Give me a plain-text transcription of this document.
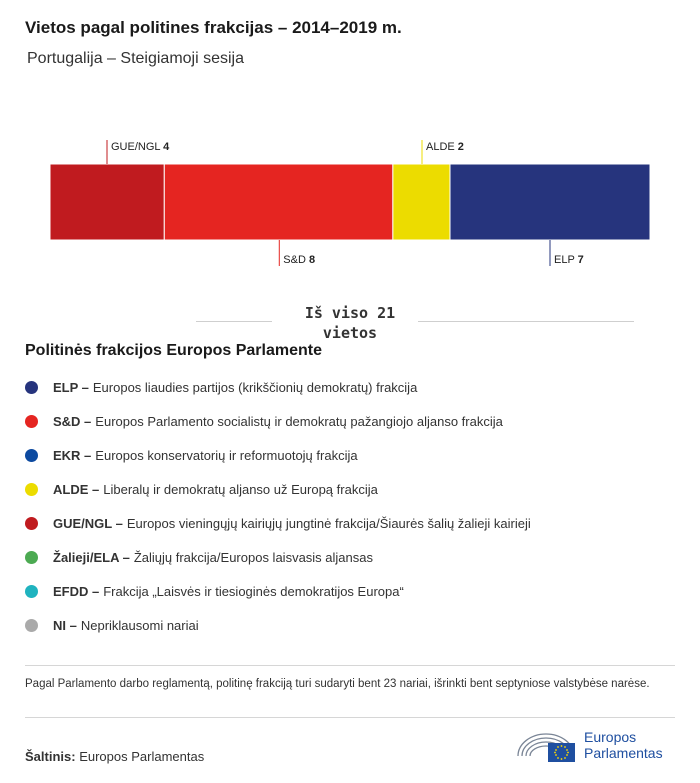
Vietos pagal politines frakcijas – 2014–2019 m.
Portugalija – Steigiamoji sesija
GUE/NGL 4
S&D 8
ALDE 2
ELP 7
Iš viso 21
vietos
Politinės frakcijos Europos Parlamente
ELP – Europos liaudies partijos (krikščionių demokratų) frakcija
S&D – Europos Parlamento socialistų ir demokratų pažangiojo aljanso frakcija
EKR – Europos konservatorių ir reformuotojų frakcija
ALDE – Liberalų ir demokratų aljanso už Europą frakcija
GUE/NGL – Europos vieningųjų kairiųjų jungtinė frakcija/Šiaurės šalių žalieji kairieji
Žalieji/ELA – Žaliųjų frakcija/Europos laisvasis aljansas
EFDD – Frakcija „Laisvės ir tiesioginės demokratijos Europa“
NI – Nepriklausomi nariai
Pagal Parlamento darbo reglamentą, politinę frakciją turi sudaryti bent 23 nariai, išrinkti bent septyniose valstybėse narėse.
Šaltinis: Europos Parlamentas
Europos
Parlamentas
